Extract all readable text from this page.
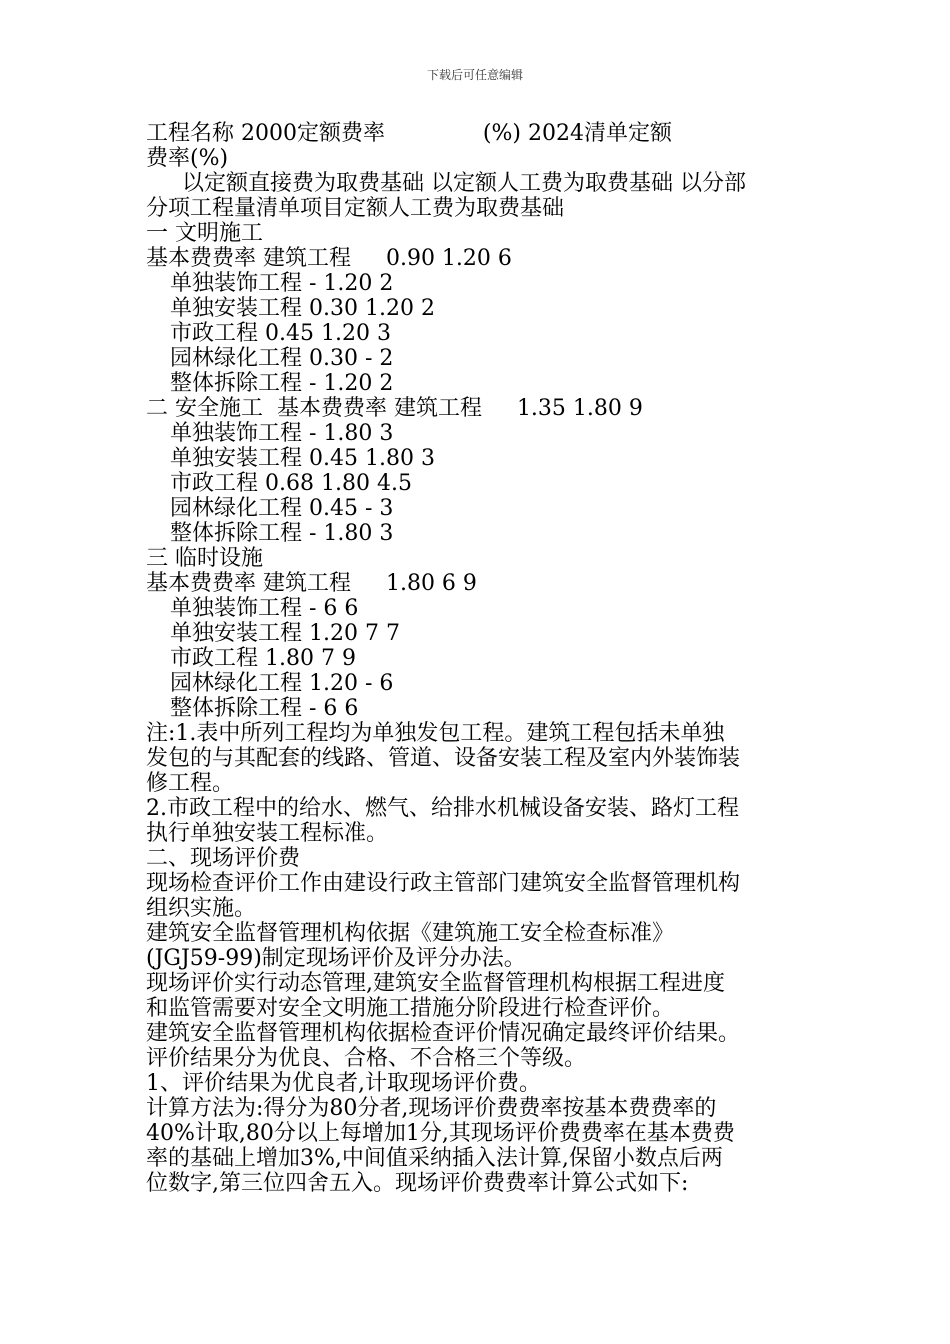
下载后可任意编辑
工程名称 2000定额费率              (%) 2024清单定额
费率(%)
以定额直接费为取费基础 以定额人工费为取费基础 以分部
分项工程量清单项目定额人工费为取费基础
一 文明施工
基本费费率 建筑工程     0.90 1.20 6
单独装饰工程 - 1.20 2
单独安装工程 0.30 1.20 2
市政工程 0.45 1.20 3
园林绿化工程 0.30 - 2
整体拆除工程 - 1.20 2
二 安全施工  基本费费率 建筑工程     1.35 1.80 9
单独装饰工程 - 1.80 3
单独安装工程 0.45 1.80 3
市政工程 0.68 1.80 4.5
园林绿化工程 0.45 - 3
整体拆除工程 - 1.80 3
三 临时设施
基本费费率 建筑工程     1.80 6 9
单独装饰工程 - 6 6
单独安装工程 1.20 7 7
市政工程 1.80 7 9
园林绿化工程 1.20 - 6
整体拆除工程 - 6 6
注:1.表中所列工程均为单独发包工程。建筑工程包括未单独
发包的与其配套的线路、管道、设备安装工程及室内外装饰装
修工程。
2.市政工程中的给水、燃气、给排水机械设备安装、路灯工程
执行单独安装工程标准。
二、现场评价费
现场检查评价工作由建设行政主管部门建筑安全监督管理机构
组织实施。
建筑安全监督管理机构依据《建筑施工安全检查标准》
(JGJ59-99)制定现场评价及评分办法。
现场评价实行动态管理,建筑安全监督管理机构根据工程进度
和监管需要对安全文明施工措施分阶段进行检查评价。
建筑安全监督管理机构依据检查评价情况确定最终评价结果。
评价结果分为优良、合格、不合格三个等级。
1、评价结果为优良者,计取现场评价费。
计算方法为:得分为80分者,现场评价费费率按基本费费率的
40%计取,80分以上每增加1分,其现场评价费费率在基本费费
率的基础上增加3%,中间值采纳插入法计算,保留小数点后两
位数字,第三位四舍五入。现场评价费费率计算公式如下:
